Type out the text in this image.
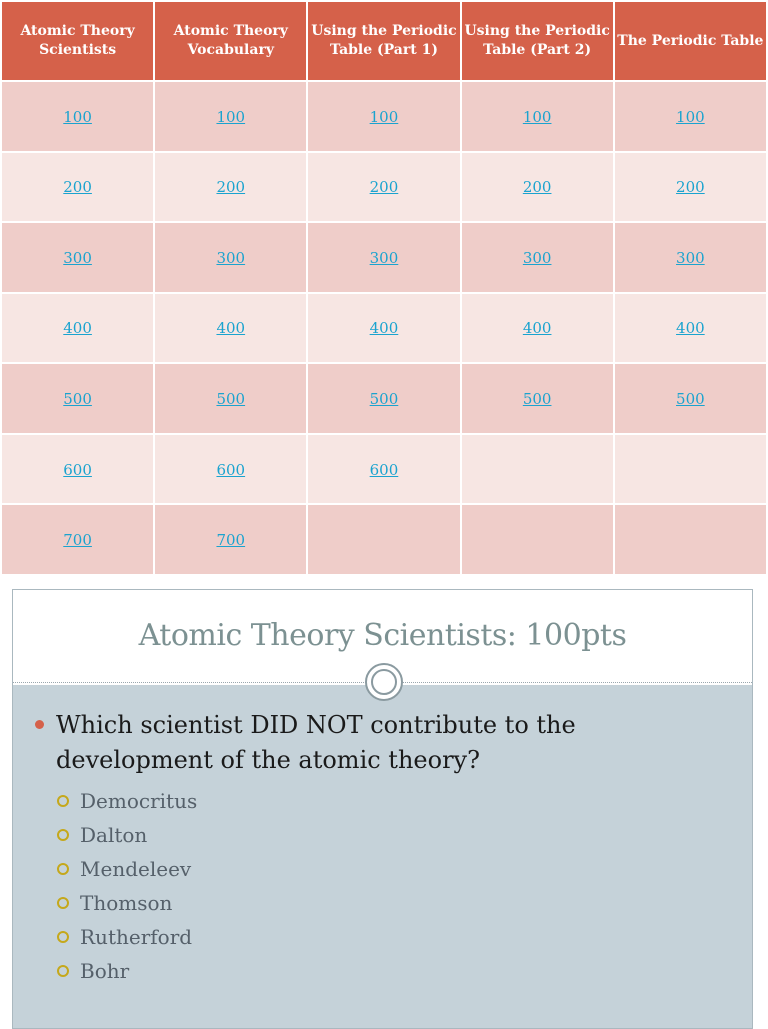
Atomic Theory Scientists	Atomic Theory Vocabulary	Using the Periodic Table (Part 1)	Using the Periodic Table (Part 2)	The Periodic Table
100	100	100	100	100
200	200	200	200	200
300	300	300	300	300
400	400	400	400	400
500	500	500	500	500
600	600	600		
700	700			
Atomic Theory Scientists: 100pts
Which scientist DID NOT contribute to the development of the atomic theory?
Democritus
Dalton
Mendeleev
Thomson
Rutherford
Bohr
